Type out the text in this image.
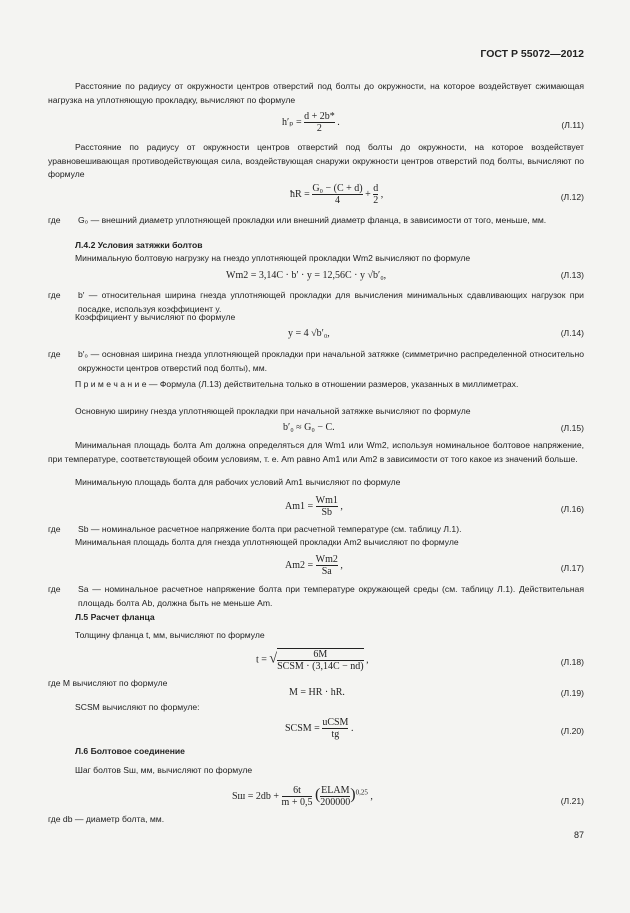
ГОСТ Р 55072—2012
Расстояние по радиусу от окружности центров отверстий под болты до окружности, на которое воздействует сжимающая нагрузка на уплотняющую прокладку, вычисляют по формуле
$h'_p = \frac{d + 2b*}{2}$ .	(Л.11)
Расстояние по радиусу от окружности центров отверстий под болты до окружности, на которое воздействует уравновешивающая противодействующая сила, воздействующая снаружи окружности центров отверстий под болты, вычисляют по формуле
ħR = $\frac{\text{G₀ − (C + d)}}{4} + \frac{d}{2}$ ,	(Л.12)
где G₀ — внешний диаметр уплотняющей прокладки или внешний диаметр фланца, в зависимости от того, меньше, мм.
Л.4.2 Условия затяжки болтов
Минимальную болтовую нагрузку на гнездо уплотняющей прокладки Wm2 вычисляют по формуле
Wm2 = 3,14C · b′ · y = 12,56C · y √b′₀,	(Л.13)
где b′ — относительная ширина гнезда уплотняющей прокладки для вычисления минимальных сдавливающих нагрузок при посадке, используя коэффициент y.
Коэффициент y вычисляют по формуле
y = 4 √b′₀,	(Л.14)
где b′₀ — основная ширина гнезда уплотняющей прокладки при начальной затяжке (симметрично распределенной относительно окружности центров отверстий под болты), мм.
П р и м е ч а н и е — Формула (Л.13) действительна только в отношении размеров, указанных в миллиметрах.
Основную ширину гнезда уплотняющей прокладки при начальной затяжке вычисляют по формуле
b′₀ ≈ G₀ − C.	(Л.15)
Минимальная площадь болта Am должна определяться для Wm1 или Wm2, используя номинальное болтовое напряжение, при температуре, соответствующей обоим условиям, т. е. Am равно Am1 или Am2 в зависимости от того какое из значений больше.
Минимальную площадь болта для рабочих условий Am1 вычисляют по формуле
$Am1 = \frac{Wm1}{Sb}$ ,	(Л.16)
где Sb — номинальное расчетное напряжение болта при расчетной температуре (см. таблицу Л.1).
Минимальная площадь болта для гнезда уплотняющей прокладки Am2 вычисляют по формуле
$Am2 = \frac{Wm2}{Sa}$ ,	(Л.17)
где Sa — номинальное расчетное напряжение болта при температуре окружающей среды (см. таблицу Л.1). Действительная площадь болта Ab, должна быть не меньше Am.
Л.5 Расчет фланца
Толщину фланца t, мм, вычисляют по формуле
t = √ $\frac{6M}{\text{SCSM · (3,14C − nd)}}$ ,	(Л.18)
где M вычисляют по формуле
M = HR · hR.	(Л.19)
SCSM вычисляют по формуле:
SCSM = $\frac{\text{uCSM}}{tg}$ .	(Л.20)
Л.6 Болтовое соединение
Шаг болтов Sш, мм, вычисляют по формуле
Sш = $2db + \frac{6t}{m + 0,5}$ ( $\frac{\text{ELAM}}{200000} )^{0,25}$ ,	(Л.21)
где db — диаметр болта, мм.
87
